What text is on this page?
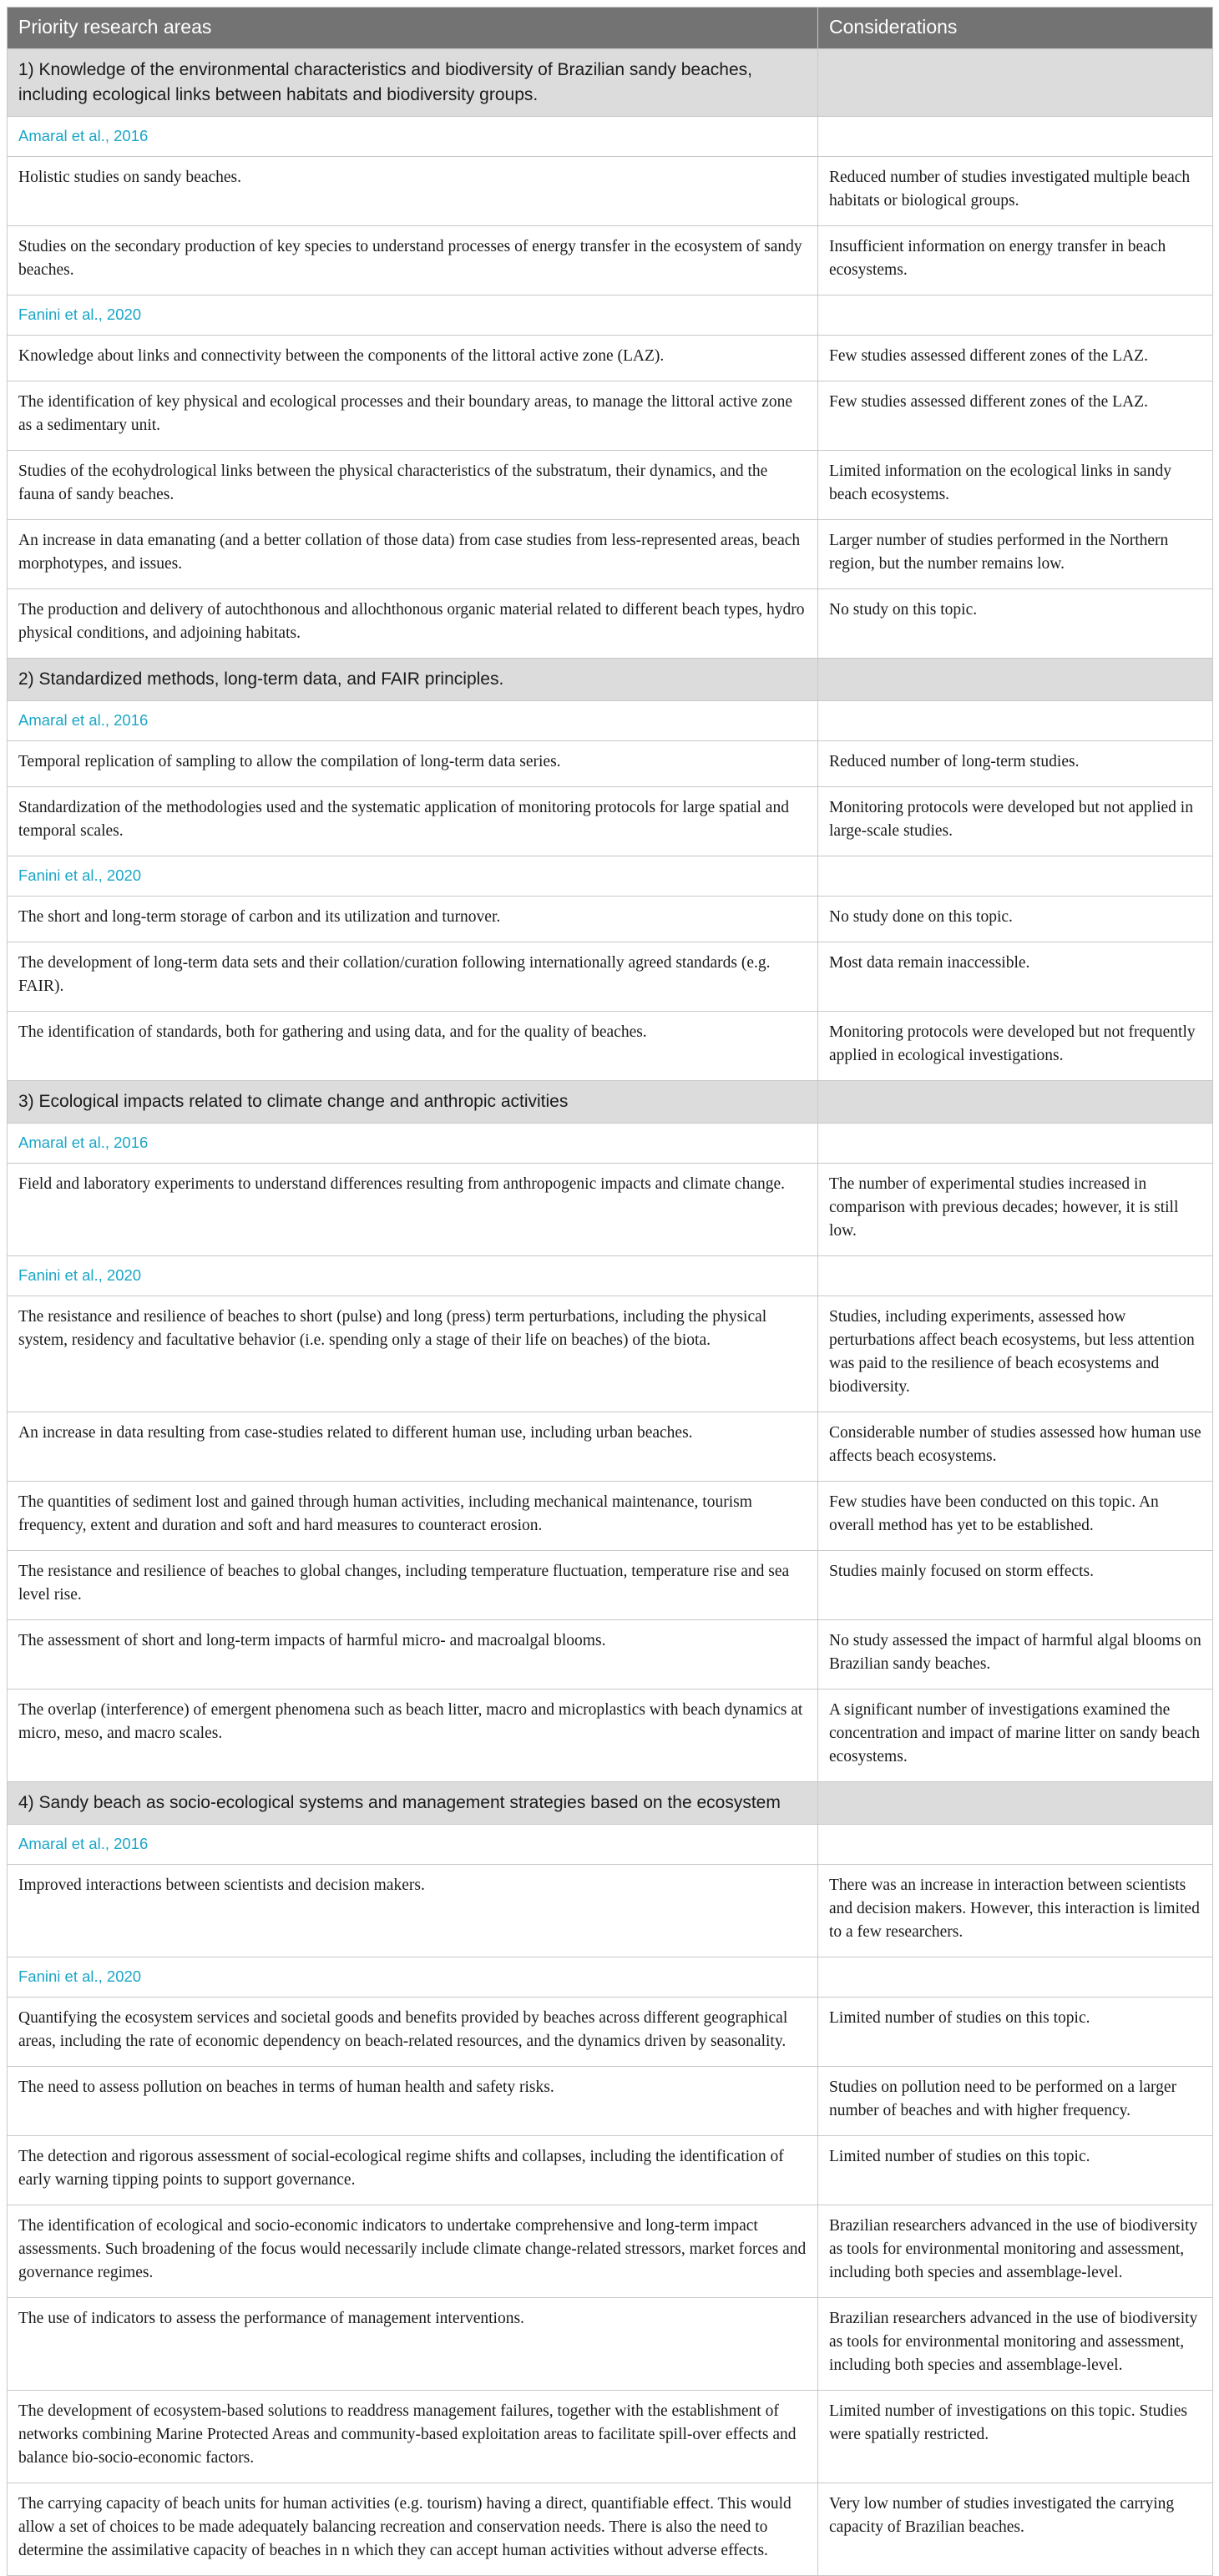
Priority research areas	Considerations
1) Knowledge of the environmental characteristics and biodiversity of Brazilian sandy beaches, including ecological links between habitats and biodiversity groups.	
Amaral et al., 2016	
Holistic studies on sandy beaches.	Reduced number of studies investigated multiple beach habitats or biological groups.
Studies on the secondary production of key species to understand processes of energy transfer in the ecosystem of sandy beaches.	Insufficient information on energy transfer in beach ecosystems.
Fanini et al., 2020	
Knowledge about links and connectivity between the components of the littoral active zone (LAZ).	Few studies assessed different zones of the LAZ.
The identification of key physical and ecological processes and their boundary areas, to manage the littoral active zone as a sedimentary unit.	Few studies assessed different zones of the LAZ.
Studies of the ecohydrological links between the physical characteristics of the substratum, their dynamics, and the fauna of sandy beaches.	Limited information on the ecological links in sandy beach ecosystems.
An increase in data emanating (and a better collation of those data) from case studies from less-represented areas, beach morphotypes, and issues.	Larger number of studies performed in the Northern region, but the number remains low.
The production and delivery of autochthonous and allochthonous organic material related to different beach types, hydro physical conditions, and adjoining habitats.	No study on this topic.
2) Standardized methods, long-term data, and FAIR principles.	
Amaral et al., 2016	
Temporal replication of sampling to allow the compilation of long-term data series.	Reduced number of long-term studies.
Standardization of the methodologies used and the systematic application of monitoring protocols for large spatial and temporal scales.	Monitoring protocols were developed but not applied in large-scale studies.
Fanini et al., 2020	
The short and long-term storage of carbon and its utilization and turnover.	No study done on this topic.
The development of long-term data sets and their collation/curation following internationally agreed standards (e.g. FAIR).	Most data remain inaccessible.
The identification of standards, both for gathering and using data, and for the quality of beaches.	Monitoring protocols were developed but not frequently applied in ecological investigations.
3) Ecological impacts related to climate change and anthropic activities	
Amaral et al., 2016	
Field and laboratory experiments to understand differences resulting from anthropogenic impacts and climate change.	The number of experimental studies increased in comparison with previous decades; however, it is still low.
Fanini et al., 2020	
The resistance and resilience of beaches to short (pulse) and long (press) term perturbations, including the physical system, residency and facultative behavior (i.e. spending only a stage of their life on beaches) of the biota.	Studies, including experiments, assessed how perturbations affect beach ecosystems, but less attention was paid to the resilience of beach ecosystems and biodiversity.
An increase in data resulting from case-studies related to different human use, including urban beaches.	Considerable number of studies assessed how human use affects beach ecosystems.
The quantities of sediment lost and gained through human activities, including mechanical maintenance, tourism frequency, extent and duration and soft and hard measures to counteract erosion.	Few studies have been conducted on this topic. An overall method has yet to be established.
The resistance and resilience of beaches to global changes, including temperature fluctuation, temperature rise and sea level rise.	Studies mainly focused on storm effects.
The assessment of short and long-term impacts of harmful micro- and macroalgal blooms.	No study assessed the impact of harmful algal blooms on Brazilian sandy beaches.
The overlap (interference) of emergent phenomena such as beach litter, macro and microplastics with beach dynamics at micro, meso, and macro scales.	A significant number of investigations examined the concentration and impact of marine litter on sandy beach ecosystems.
4) Sandy beach as socio-ecological systems and management strategies based on the ecosystem	
Amaral et al., 2016	
Improved interactions between scientists and decision makers.	There was an increase in interaction between scientists and decision makers. However, this interaction is limited to a few researchers.
Fanini et al., 2020	
Quantifying the ecosystem services and societal goods and benefits provided by beaches across different geographical areas, including the rate of economic dependency on beach-related resources, and the dynamics driven by seasonality.	Limited number of studies on this topic.
The need to assess pollution on beaches in terms of human health and safety risks.	Studies on pollution need to be performed on a larger number of beaches and with higher frequency.
The detection and rigorous assessment of social-ecological regime shifts and collapses, including the identification of early warning tipping points to support governance.	Limited number of studies on this topic.
The identification of ecological and socio-economic indicators to undertake comprehensive and long-term impact assessments. Such broadening of the focus would necessarily include climate change-related stressors, market forces and governance regimes.	Brazilian researchers advanced in the use of biodiversity as tools for environmental monitoring and assessment, including both species and assemblage-level.
The use of indicators to assess the performance of management interventions.	Brazilian researchers advanced in the use of biodiversity as tools for environmental monitoring and assessment, including both species and assemblage-level.
The development of ecosystem-based solutions to readdress management failures, together with the establishment of networks combining Marine Protected Areas and community-based exploitation areas to facilitate spill-over effects and balance bio-socio-economic factors.	Limited number of investigations on this topic. Studies were spatially restricted.
The carrying capacity of beach units for human activities (e.g. tourism) having a direct, quantifiable effect. This would allow a set of choices to be made adequately balancing recreation and conservation needs. There is also the need to determine the assimilative capacity of beaches in n which they can accept human activities without adverse effects.	Very low number of studies investigated the carrying capacity of Brazilian beaches.
